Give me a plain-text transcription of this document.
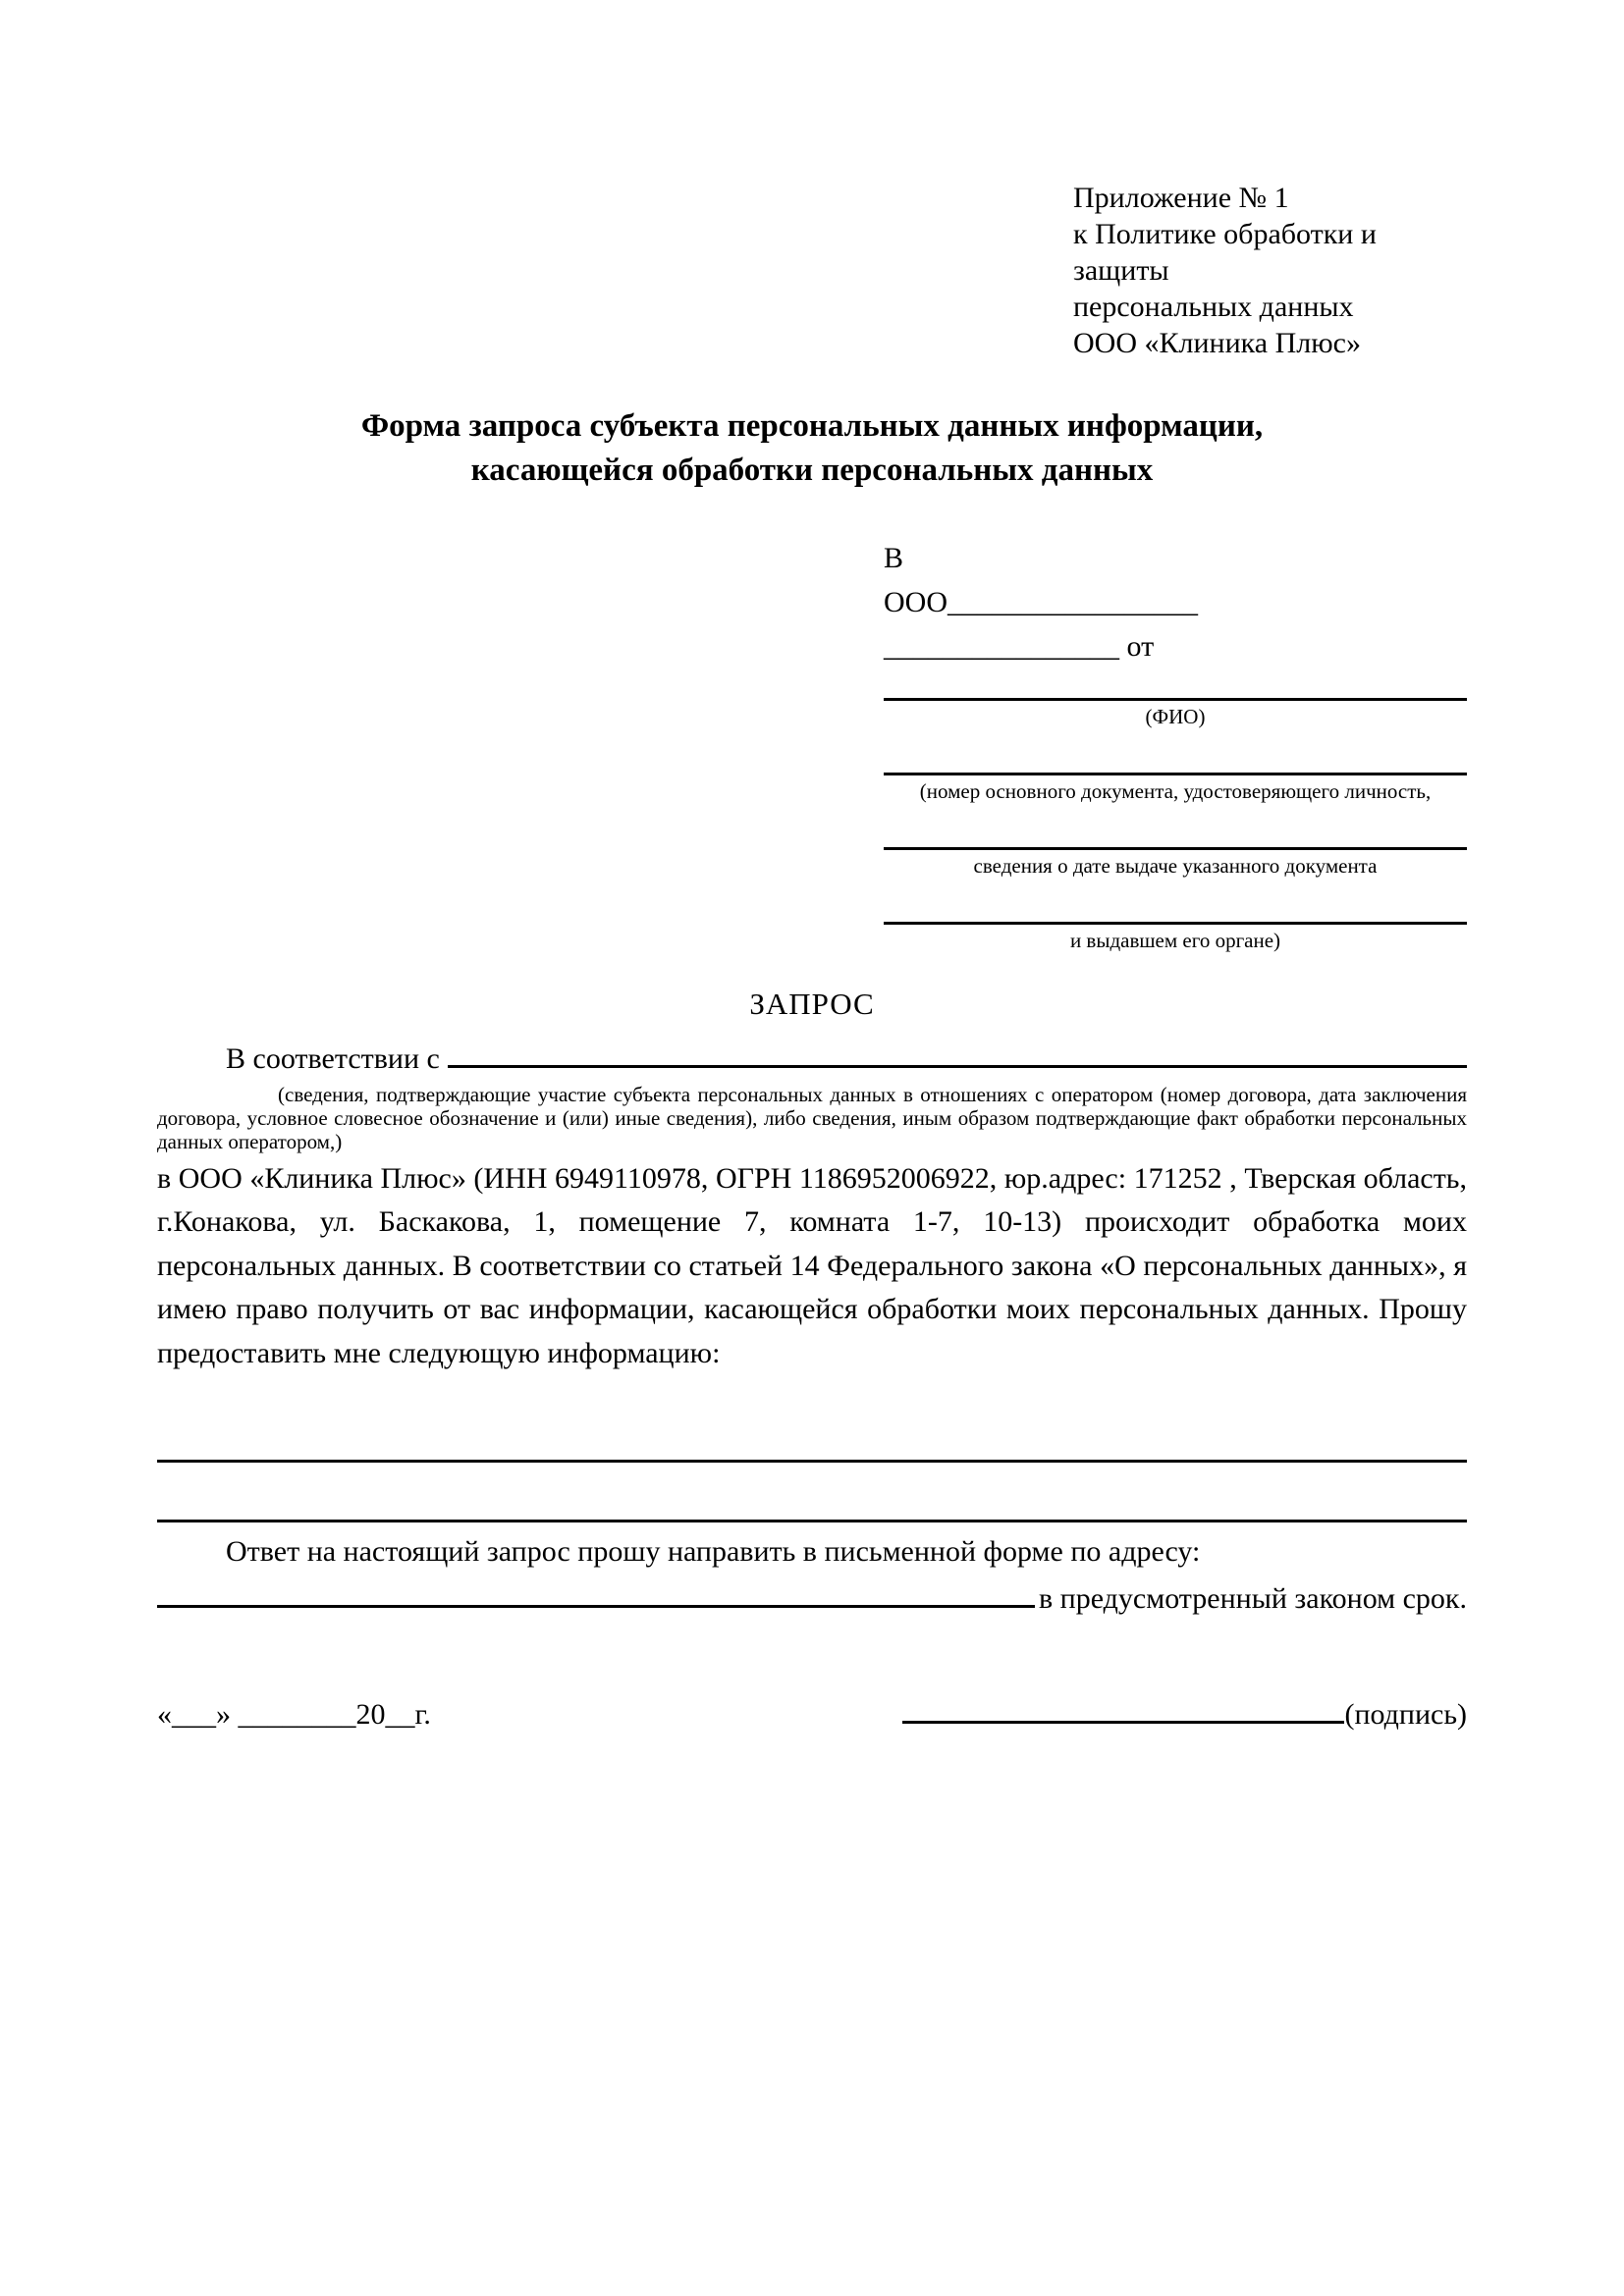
Приложение № 1
к Политике обработки и защиты
персональных данных
ООО «Клиника Плюс»
Форма запроса субъекта персональных данных информации,
касающейся обработки персональных данных
В
ООО_________________
________________ от
(ФИО)
(номер основного документа, удостоверяющего личность,
сведения о дате выдаче указанного документа
и выдавшем его органе)
ЗАПРОС
В соответствии с
(сведения, подтверждающие участие субъекта персональных данных в отношениях с оператором (номер договора, дата заключения договора, условное словесное обозначение и (или) иные сведения), либо сведения, иным образом подтверждающие факт обработки персональных данных оператором,)
в ООО «Клиника Плюс» (ИНН 6949110978, ОГРН 1186952006922, юр.адрес: 171252 , Тверская область, г.Конакова, ул. Баскакова, 1, помещение 7, комната 1-7, 10-13) происходит обработка моих персональных данных. В соответствии со статьей 14 Федерального закона «О персональных данных», я имею право получить от вас информации, касающейся обработки моих персональных данных. Прошу предоставить мне следующую информацию:

Ответ на настоящий запрос прошу направить в письменной форме по адресу:

в предусмотренный законом срок.
«___» ________20__г.	(подпись)
